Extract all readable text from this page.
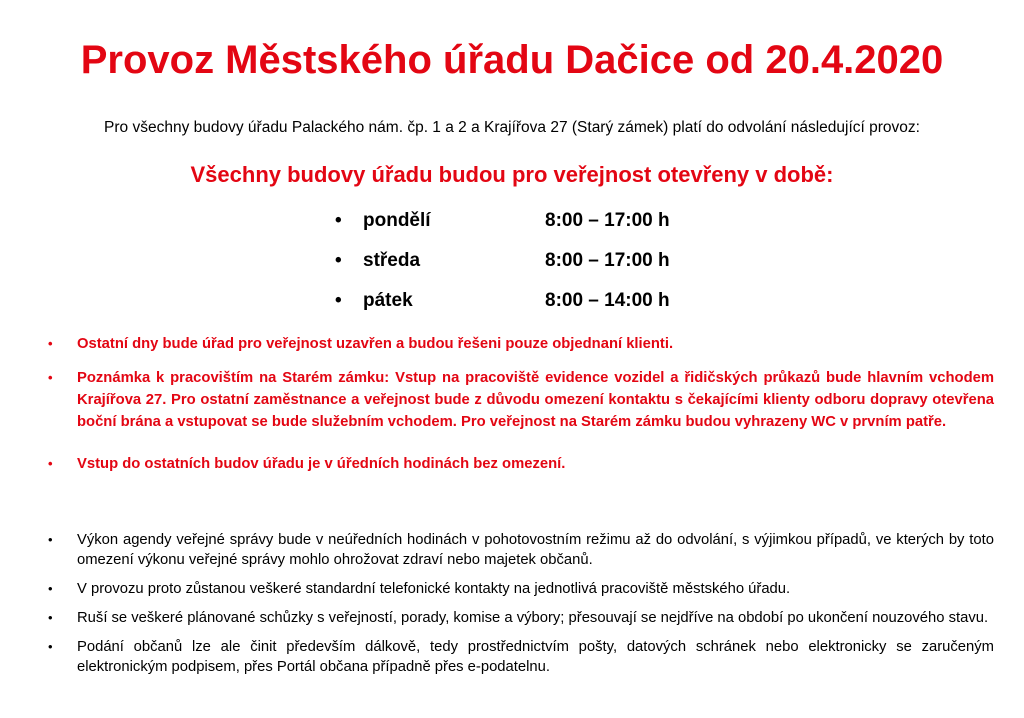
Provoz Městského úřadu Dačice od 20.4.2020
Pro všechny budovy úřadu Palackého nám. čp. 1 a 2 a Krajířova 27 (Starý zámek) platí do odvolání následující provoz:
Všechny budovy úřadu budou pro veřejnost otevřeny v době:
•	pondělí	8:00 – 17:00 h
•	středa	8:00 – 17:00 h
•	pátek	8:00 – 14:00 h
• Ostatní dny bude úřad pro veřejnost uzavřen a budou řešeni pouze objednaní klienti.
• Poznámka k pracovištím na Starém zámku: Vstup na pracoviště evidence vozidel a řidičských průkazů bude hlavním vchodem Krajířova 27. Pro ostatní zaměstnance a veřejnost bude z důvodu omezení kontaktu s čekajícími klienty odboru dopravy otevřena boční brána a vstupovat se bude služebním vchodem. Pro veřejnost na Starém zámku budou vyhrazeny WC v prvním patře.
• Vstup do ostatních budov úřadu je v úředních hodinách bez omezení.
• Výkon agendy veřejné správy bude v neúředních hodinách v pohotovostním režimu až do odvolání, s výjimkou případů, ve kterých by toto omezení výkonu veřejné správy mohlo ohrožovat zdraví nebo majetek občanů.
• V provozu proto zůstanou veškeré standardní telefonické kontakty na jednotlivá pracoviště městského úřadu.
• Ruší se veškeré plánované schůzky s veřejností, porady, komise a výbory; přesouvají se nejdříve na období po ukončení nouzového stavu.
• Podání občanů lze ale činit především dálkově, tedy prostřednictvím pošty, datových schránek nebo elektronicky se zaručeným elektronickým podpisem, přes Portál občana případně přes e-podatelnu.
